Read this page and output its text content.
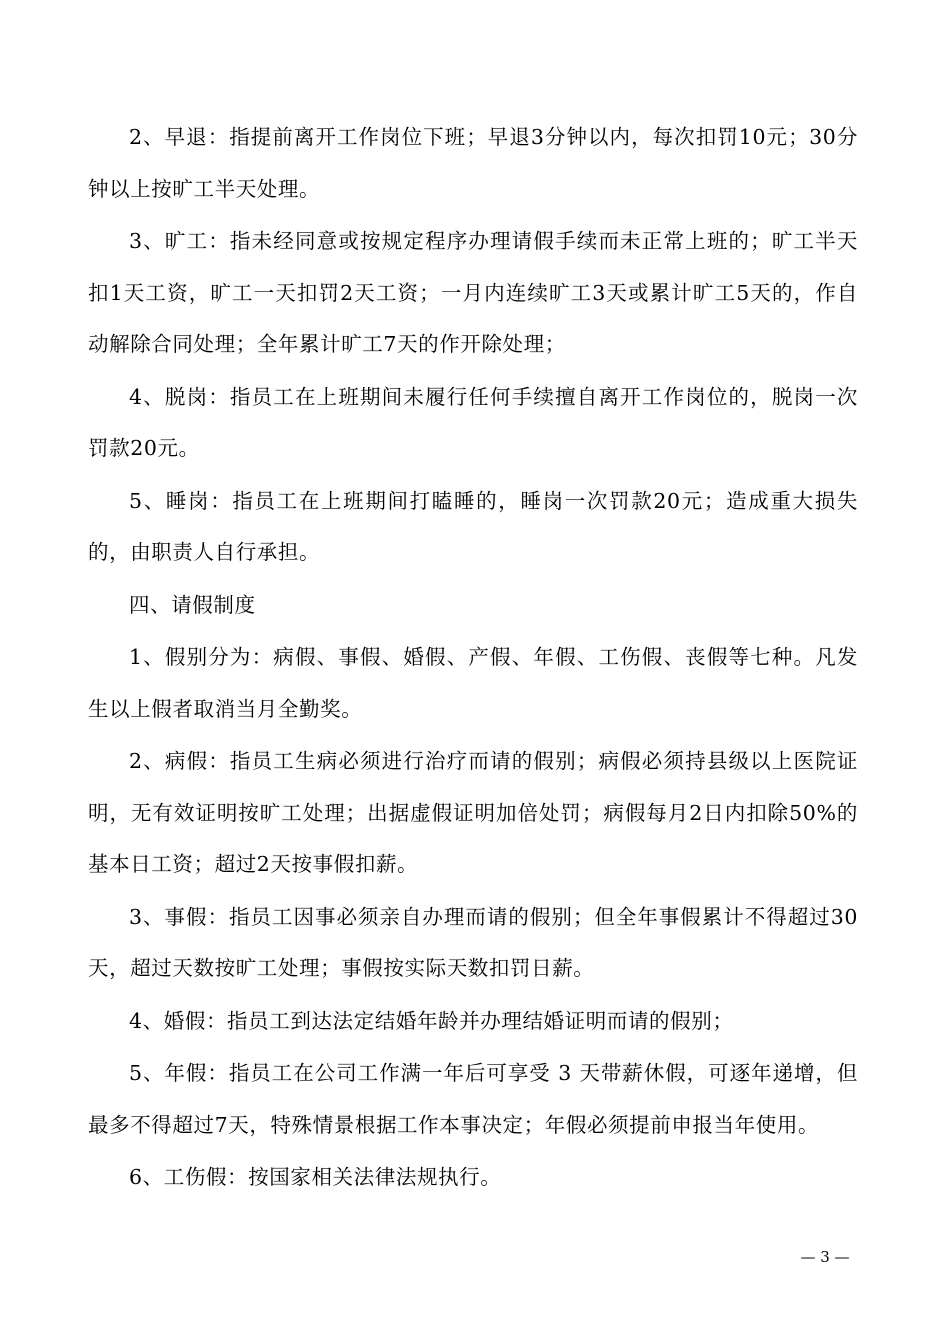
2、早退：指提前离开工作岗位下班；早退3分钟以内，每次扣罚10元；30分钟以上按旷工半天处理。

3、旷工：指未经同意或按规定程序办理请假手续而未正常上班的；旷工半天扣1天工资，旷工一天扣罚2天工资；一月内连续旷工3天或累计旷工5天的，作自动解除合同处理；全年累计旷工7天的作开除处理；

4、脱岗：指员工在上班期间未履行任何手续擅自离开工作岗位的，脱岗一次罚款20元。

5、睡岗：指员工在上班期间打瞌睡的，睡岗一次罚款20元；造成重大损失的，由职责人自行承担。

四、请假制度

1、假别分为：病假、事假、婚假、产假、年假、工伤假、丧假等七种。凡发生以上假者取消当月全勤奖。

2、病假：指员工生病必须进行治疗而请的假别；病假必须持县级以上医院证明，无有效证明按旷工处理；出据虚假证明加倍处罚；病假每月2日内扣除50%的基本日工资；超过2天按事假扣薪。

3、事假：指员工因事必须亲自办理而请的假别；但全年事假累计不得超过30天，超过天数按旷工处理；事假按实际天数扣罚日薪。

4、婚假：指员工到达法定结婚年龄并办理结婚证明而请的假别；

5、年假：指员工在公司工作满一年后可享受 3 天带薪休假，可逐年递增，但最多不得超过7天，特殊情景根据工作本事决定；年假必须提前申报当年使用。

6、工伤假：按国家相关法律法规执行。

— 3 —
